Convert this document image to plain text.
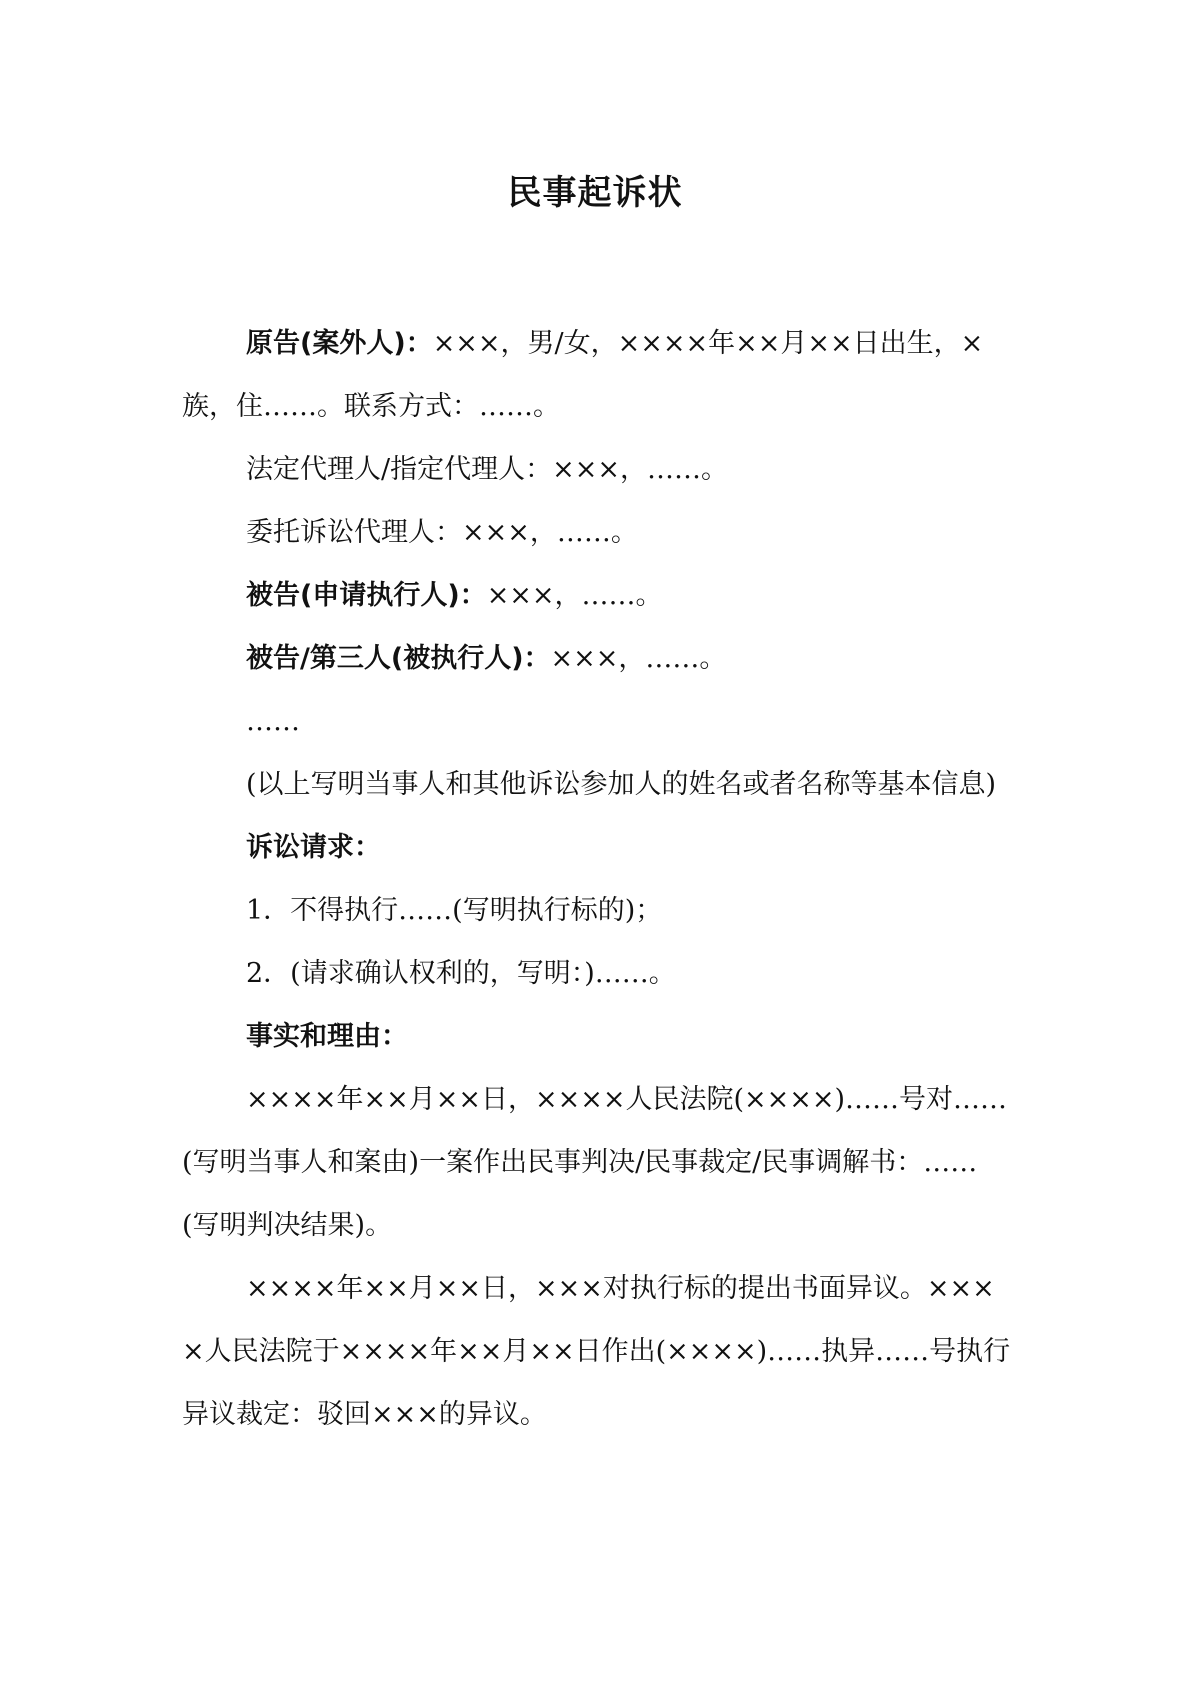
民事起诉状

原告(案外人)：×××，男/女，××××年××月××日出生，×族，住……。联系方式：……。

法定代理人/指定代理人：×××，……。

委托诉讼代理人：×××，……。

被告(申请执行人)：×××，……。

被告/第三人(被执行人)：×××，……。

……

(以上写明当事人和其他诉讼参加人的姓名或者名称等基本信息)

诉讼请求：

1．不得执行……(写明执行标的)；

2．(请求确认权利的，写明：)……。

事实和理由：

××××年××月××日，××××人民法院(××××)……号对……(写明当事人和案由)一案作出民事判决/民事裁定/民事调解书：……(写明判决结果)。

××××年××月××日，×××对执行标的提出书面异议。××××人民法院于××××年××月××日作出(××××)……执异……号执行异议裁定：驳回×××的异议。
